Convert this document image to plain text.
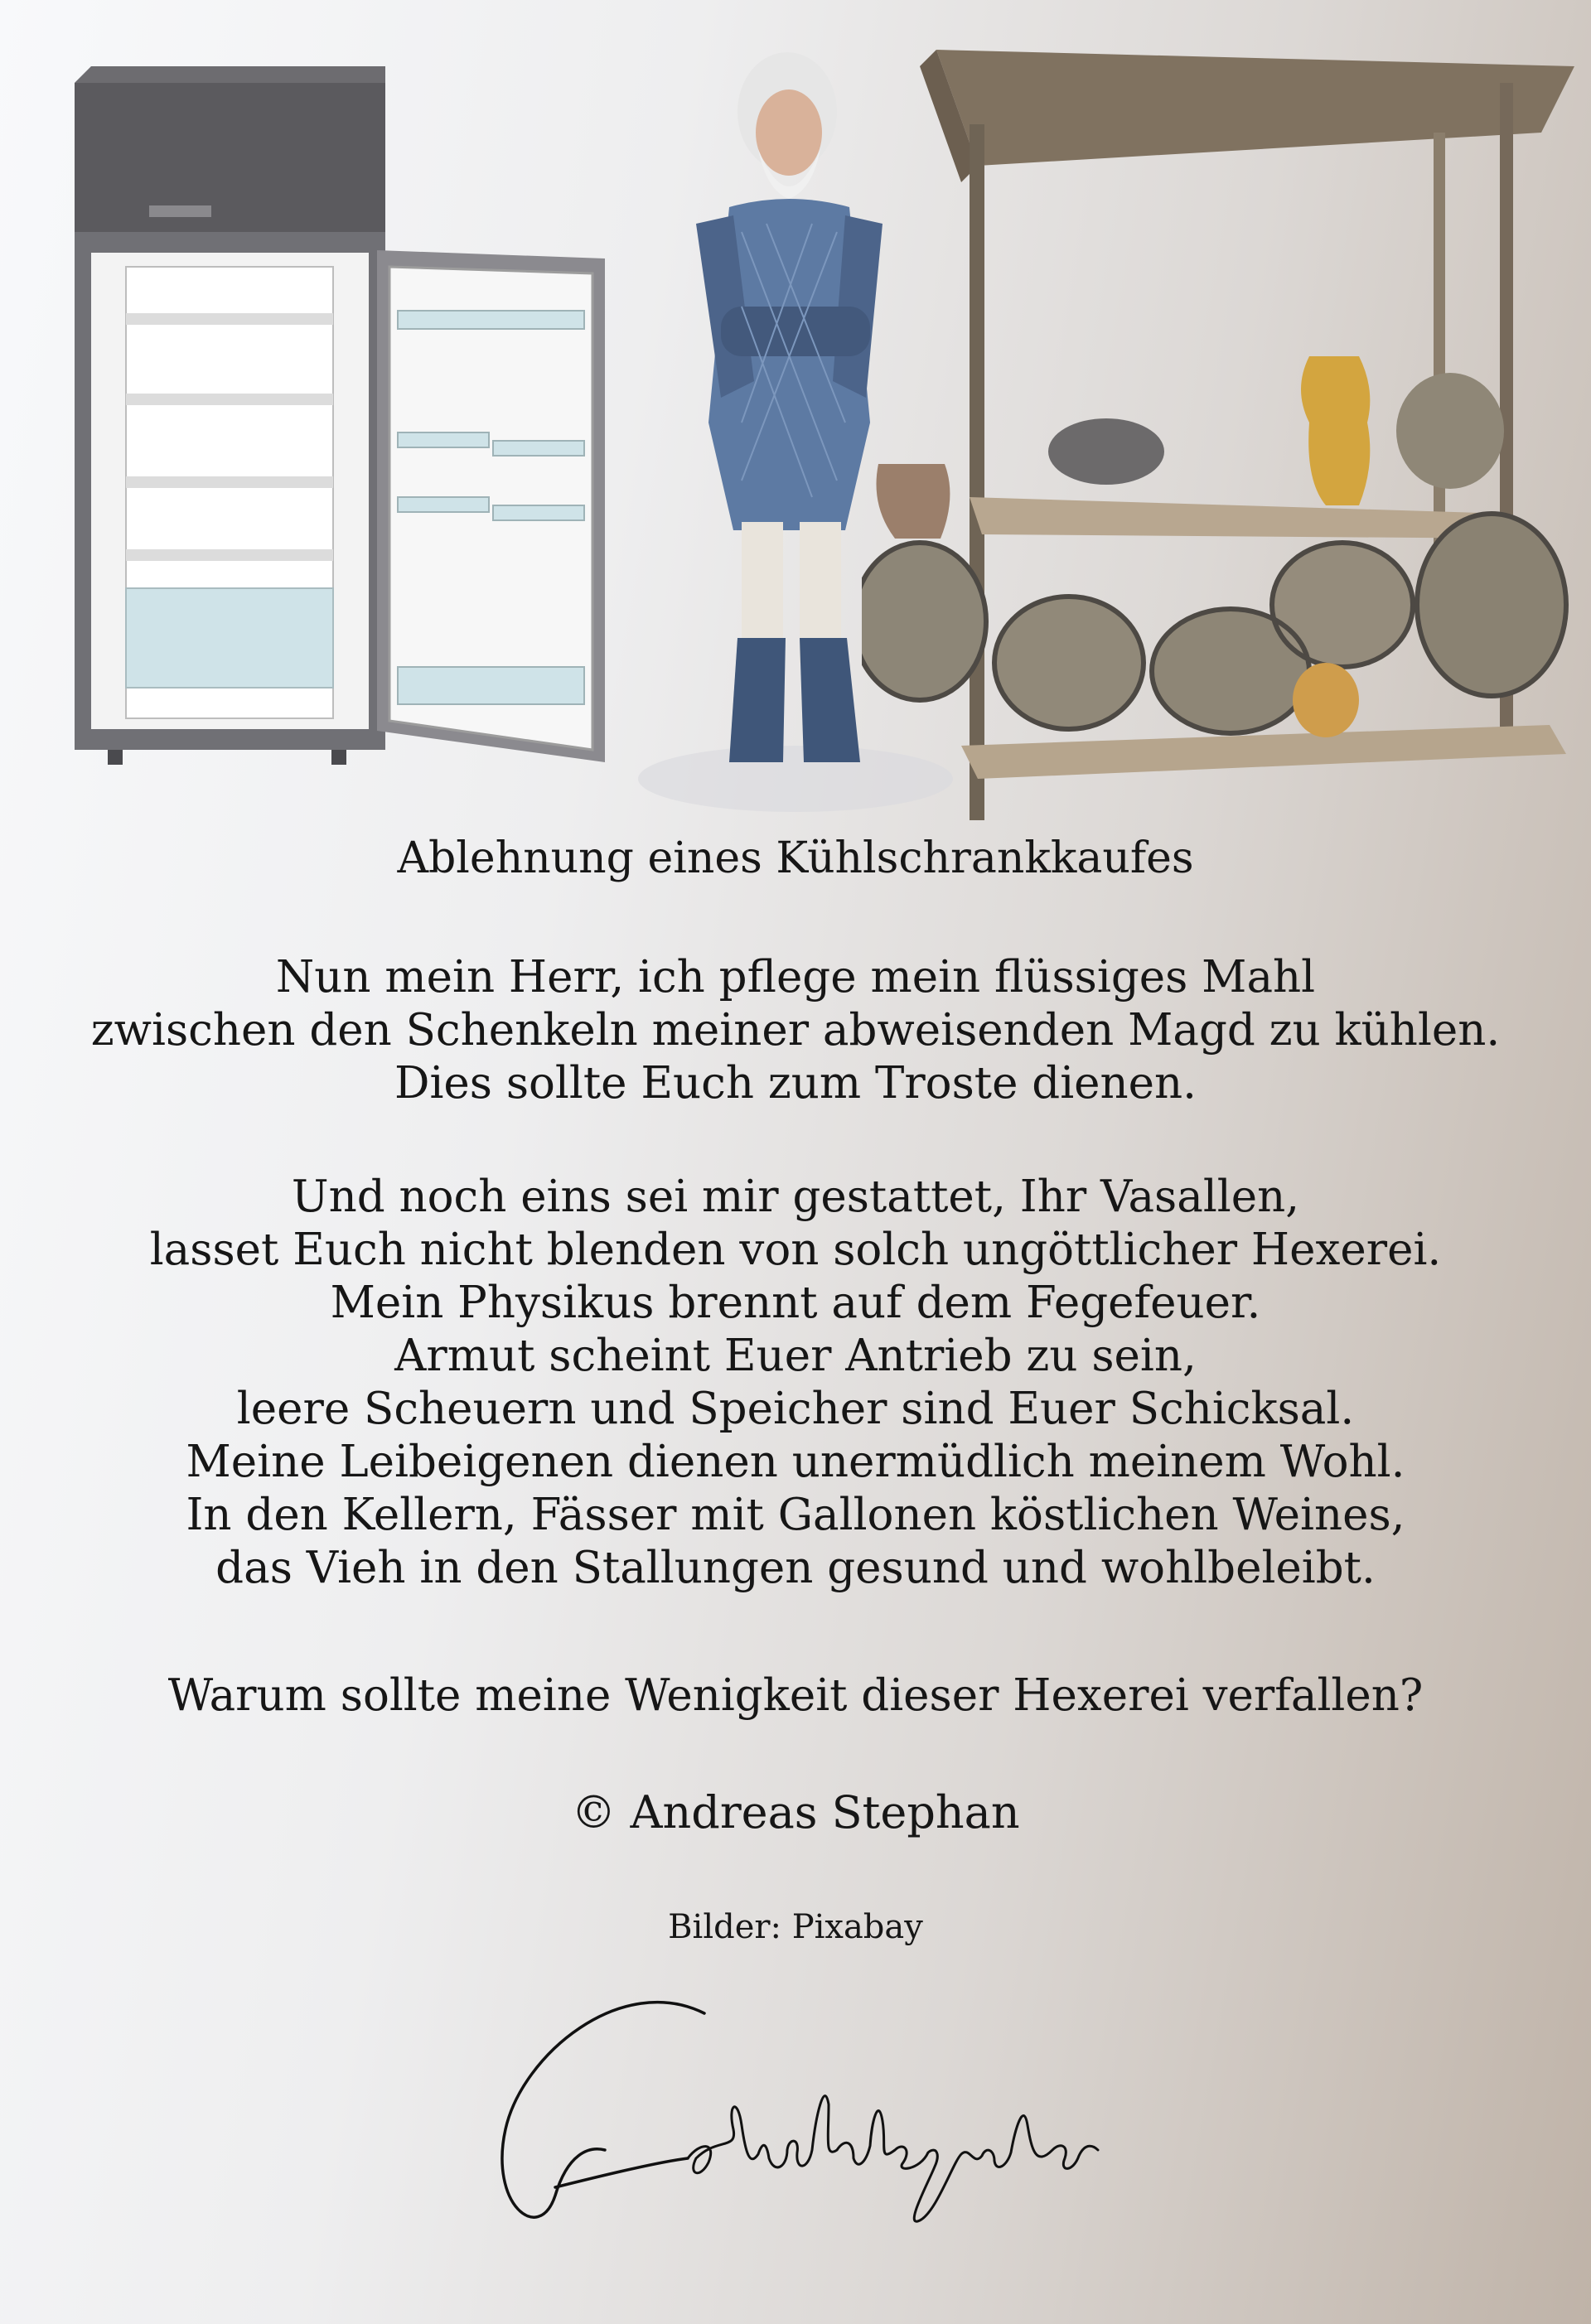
Ablehnung eines Kühlschrankkaufes
Nun mein Herr, ich pflege mein flüssiges Mahl
zwischen den Schenkeln meiner abweisenden Magd zu kühlen.
Dies sollte Euch zum Troste dienen.
Und noch eins sei mir gestattet, Ihr Vasallen,
lasset Euch nicht blenden von solch ungöttlicher Hexerei.
Mein Physikus brennt auf dem Fegefeuer.
Armut scheint Euer Antrieb zu sein,
leere Scheuern und Speicher sind Euer Schicksal.
Meine Leibeigenen dienen unermüdlich meinem Wohl.
In den Kellern, Fässer mit Gallonen köstlichen Weines,
das Vieh in den Stallungen gesund und wohlbeleibt.
Warum sollte meine Wenigkeit dieser Hexerei verfallen?
© Andreas Stephan
Bilder: Pixabay
